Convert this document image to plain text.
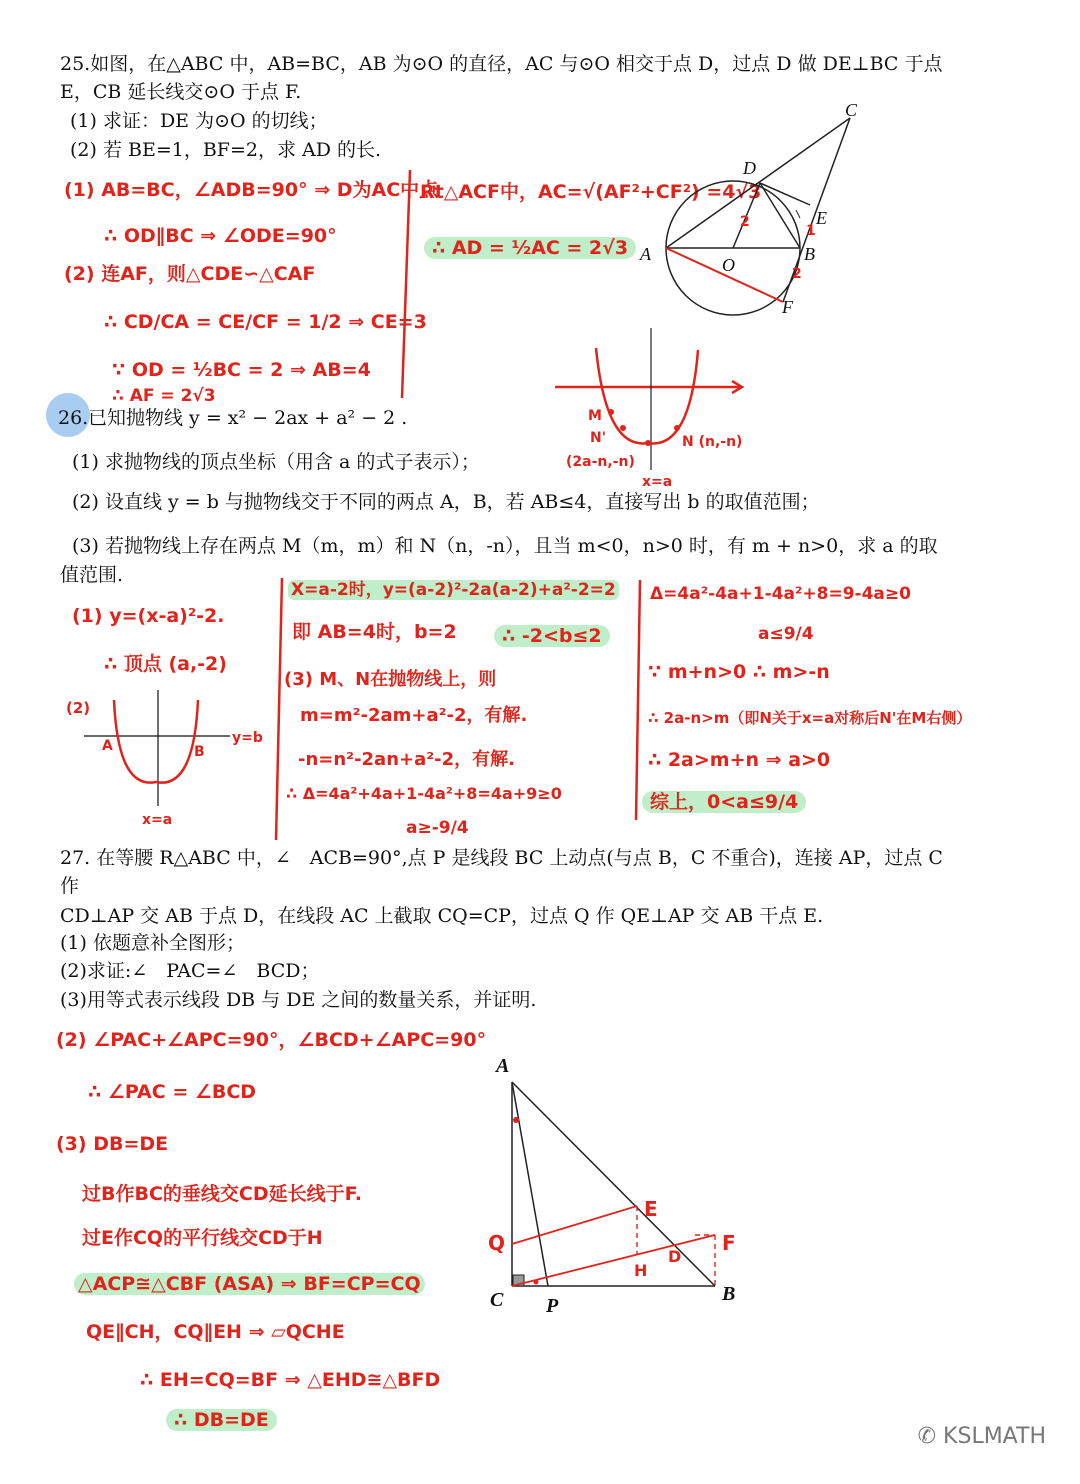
25.如图，在△ABC 中，AB=BC，AB 为⊙O 的直径，AC 与⊙O 相交于点 D，过点 D 做 DE⊥BC 于点
E，CB 延长线交⊙O 于点 F.
(1) 求证：DE 为⊙O 的切线；
(2) 若 BE=1，BF=2，求 AD 的长.
(1) AB=BC，∠ADB=90° ⇒ D为AC中点
∴ OD∥BC ⇒ ∠ODE=90°
(2) 连AF，则△CDE∽△CAF
∴ CD/CA = CE/CF = 1/2 ⇒ CE=3
∵ OD = ½BC = 2 ⇒ AB=4
∴ AF = 2√3
Rt△ACF中，AC=√(AF²+CF²) =4√3
∴ AD = ½AC = 2√3
C
D
E
A	B
O
F
2
1
2
26. 已知抛物线 y = x² − 2ax + a² − 2 .
(1) 求抛物线的顶点坐标（用含 a 的式子表示）；
(2) 设直线 y = b 与抛物线交于不同的两点 A，B，若 AB≤4，直接写出 b 的取值范围；
(3) 若抛物线上存在两点 M（m，m）和 N（n，-n），且当 m<0，n>0 时，有 m + n>0，求 a 的取
值范围.
M
N'	N (n,-n)
(2a-n,-n)
x=a
(1) y=(x-a)²-2.
∴ 顶点 (a,-2)
(2)
A	B
y=b
x=a
X=a-2时，y=(a-2)²-2a(a-2)+a²-2=2
即 AB=4时，b=2	∴ -2<b≤2
(3) M、N在抛物线上，则
m=m²-2am+a²-2，有解.
-n=n²-2an+a²-2，有解.
∴ Δ=4a²+4a+1-4a²+8=4a+9≥0
a≥-9/4
Δ=4a²-4a+1-4a²+8=9-4a≥0
a≤9/4
∵ m+n>0 ∴ m>-n
∴ 2a-n>m（即N关于x=a对称后N'在M右侧）
∴ 2a>m+n ⇒ a>0
综上，0<a≤9/4
27. 在等腰 R△ABC 中，∠　ACB=90°,点 P 是线段 BC 上动点(与点 B，C 不重合)，连接 AP，过点 C
作
CD⊥AP 交 AB 于点 D，在线段 AC 上截取 CQ=CP，过点 Q 作 QE⊥AP 交 AB 干点 E.
(1) 依题意补全图形；
(2)求证:∠　PAC=∠　BCD；
(3)用等式表示线段 DB 与 DE 之间的数量关系，并证明.
(2) ∠PAC+∠APC=90°，∠BCD+∠APC=90°
∴ ∠PAC = ∠BCD
(3) DB=DE
过B作BC的垂线交CD延长线于F.
过E作CQ的平行线交CD于H
△ACP≅△CBF (ASA) ⇒ BF=CP=CQ
QE∥CH，CQ∥EH ⇒ ▱QCHE
∴ EH=CQ=BF ⇒ △EHD≅△BFD
∴ DB=DE
A
E
F
Q
H
D
C P
B
✆ KSLMATH
